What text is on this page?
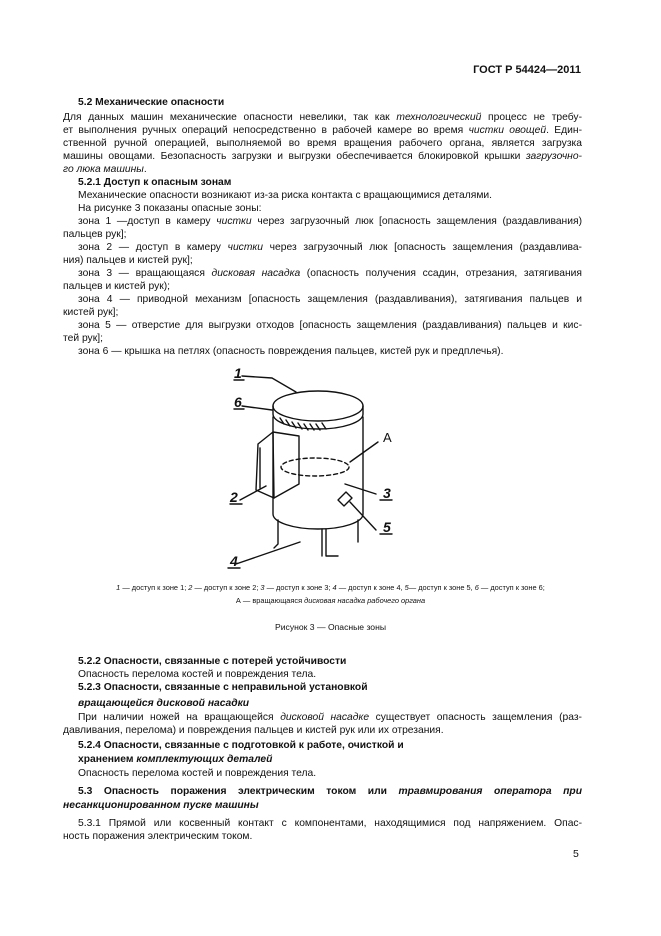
ГОСТ Р 54424—2011
5.2 Механические опасности
Для данных машин механические опасности невелики, так как технологический процесс не требу-
ет выполнения ручных операций непосредственно в рабочей камере во время чистки овощей. Един-
ственной ручной операцией, выполняемой во время вращения рабочего органа, является загрузка
машины овощами. Безопасность загрузки и выгрузки обеспечивается блокировкой крышки загрузочно-
го люка машины.
5.2.1 Доступ к опасным зонам
Механические опасности возникают из-за риска контакта с вращающимися деталями.
На рисунке 3 показаны опасные зоны:
зона 1 —доступ в камеру чистки через загрузочный люк [опасность защемления (раздавливания)
пальцев рук];
зона 2 — доступ в камеру чистки через загрузочный люк [опасность защемления (раздавлива-
ния) пальцев и кистей рук];
зона 3 — вращающаяся дисковая насадка (опасность получения ссадин, отрезания, затягивания
пальцев и кистей рук);
зона 4 — приводной механизм [опасность защемления (раздавливания), затягивания пальцев и
кистей рук];
зона 5 — отверстие для выгрузки отходов [опасность защемления (раздавливания) пальцев и кис-
тей рук];
зона 6 — крышка на петлях (опасность повреждения пальцев, кистей рук и предплечья).
1
6
2	3
5
4
А
1 — доступ к зоне 1; 2 — доступ к зоне 2; 3 — доступ к зоне 3; 4 — доступ к зоне 4, 5— доступ к зоне 5, 6 — доступ к зоне 6;
А — вращающаяся дисковая насадка рабочего органа
Рисунок 3 — Опасные зоны
5.2.2 Опасности, связанные с потерей устойчивости
Опасность перелома костей и повреждения тела.
5.2.3 Опасности, связанные с неправильной установкой
вращающейся дисковой насадки
При наличии ножей на вращающейся дисковой насадке существует опасность защемления (раз-
давливания, перелома) и повреждения пальцев и кистей рук или их отрезания.
5.2.4 Опасности, связанные с подготовкой к работе, очисткой и
хранением комплектующих деталей
Опасность перелома костей и повреждения тела.
5.3 Опасность поражения электрическим током или травмирования оператора при
несанкционированном пуске машины
5.3.1 Прямой или косвенный контакт с компонентами, находящимися под напряжением. Опас-
ность поражения электрическим током.
5
